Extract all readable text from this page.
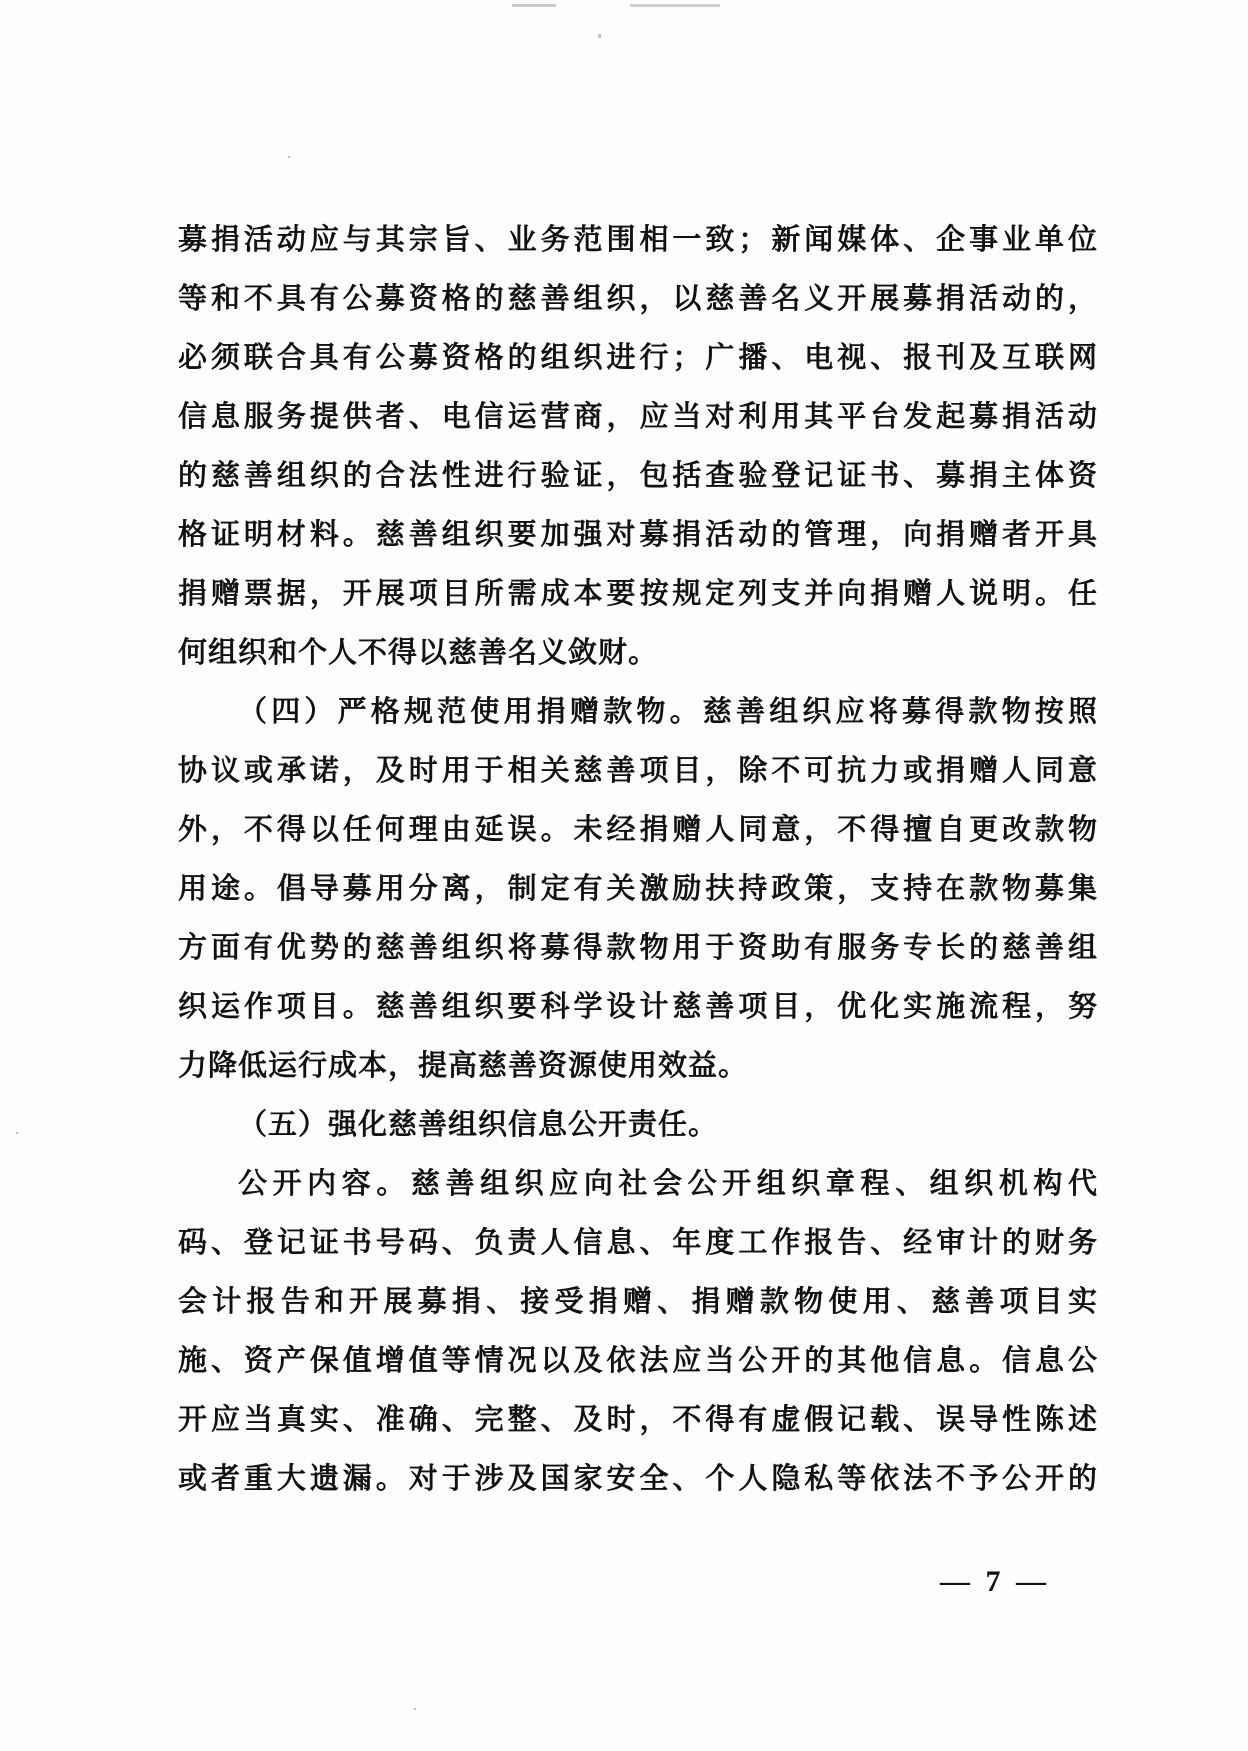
募捐活动应与其宗旨、业务范围相一致；新闻媒体、企事业单位
等和不具有公募资格的慈善组织，以慈善名义开展募捐活动的，
必须联合具有公募资格的组织进行；广播、电视、报刊及互联网
信息服务提供者、电信运营商，应当对利用其平台发起募捐活动
的慈善组织的合法性进行验证，包括查验登记证书、募捐主体资
格证明材料。慈善组织要加强对募捐活动的管理，向捐赠者开具
捐赠票据，开展项目所需成本要按规定列支并向捐赠人说明。任
何组织和个人不得以慈善名义敛财。
（四）严格规范使用捐赠款物。慈善组织应将募得款物按照
协议或承诺，及时用于相关慈善项目，除不可抗力或捐赠人同意
外，不得以任何理由延误。未经捐赠人同意，不得擅自更改款物
用途。倡导募用分离，制定有关激励扶持政策，支持在款物募集
方面有优势的慈善组织将募得款物用于资助有服务专长的慈善组
织运作项目。慈善组织要科学设计慈善项目，优化实施流程，努
力降低运行成本，提高慈善资源使用效益。
（五）强化慈善组织信息公开责任。
公开内容。慈善组织应向社会公开组织章程、组织机构代
码、登记证书号码、负责人信息、年度工作报告、经审计的财务
会计报告和开展募捐、接受捐赠、捐赠款物使用、慈善项目实
施、资产保值增值等情况以及依法应当公开的其他信息。信息公
开应当真实、准确、完整、及时，不得有虚假记载、误导性陈述
或者重大遗漏。对于涉及国家安全、个人隐私等依法不予公开的
— 7 —
